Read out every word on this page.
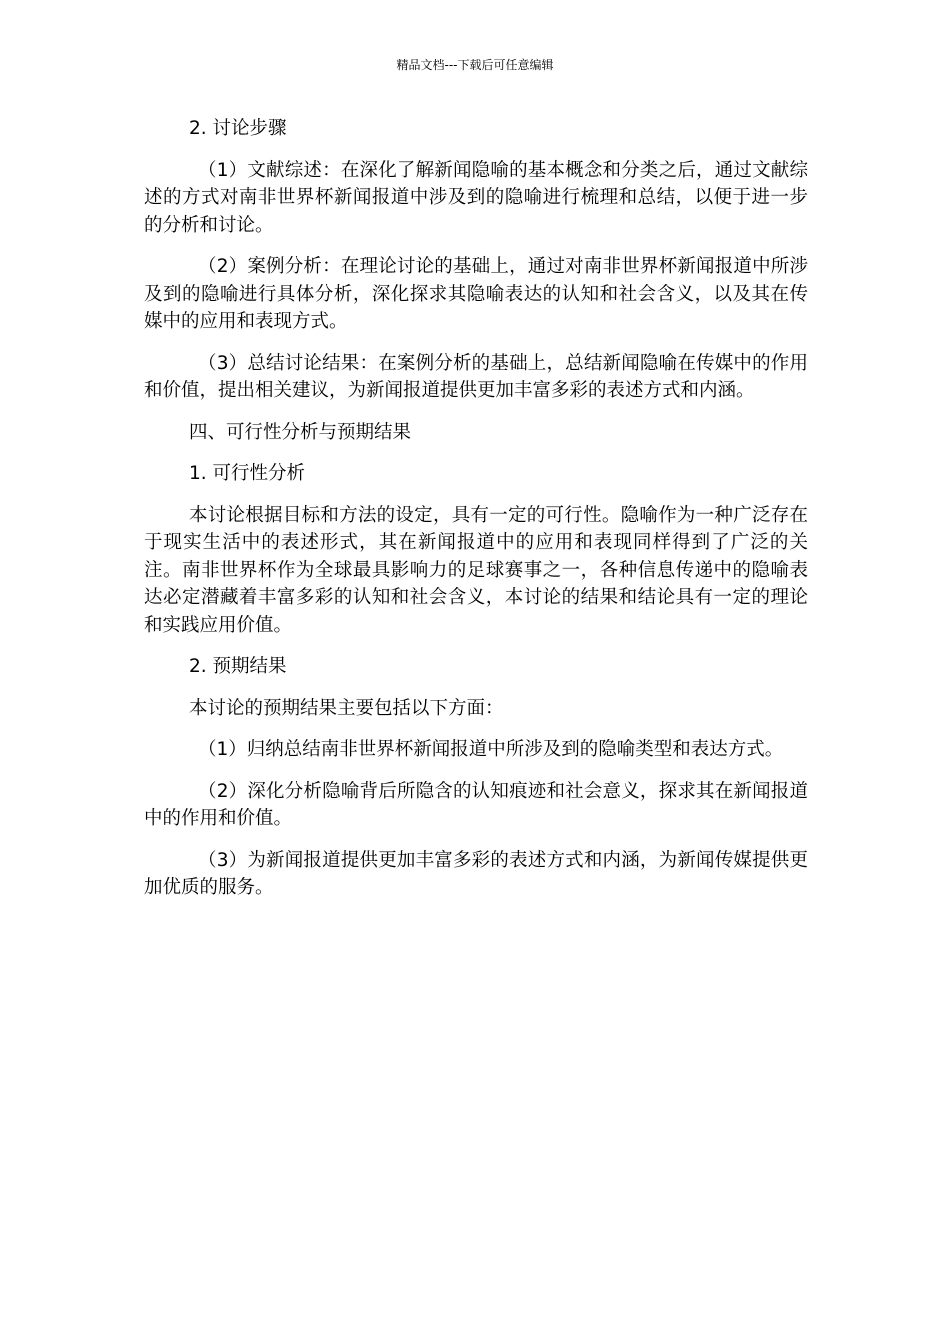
精品文档---下载后可任意编辑

2. 讨论步骤

（1）文献综述：在深化了解新闻隐喻的基本概念和分类之后，通过文献综述的方式对南非世界杯新闻报道中涉及到的隐喻进行梳理和总结，以便于进一步的分析和讨论。

（2）案例分析：在理论讨论的基础上，通过对南非世界杯新闻报道中所涉及到的隐喻进行具体分析，深化探求其隐喻表达的认知和社会含义，以及其在传媒中的应用和表现方式。

（3）总结讨论结果：在案例分析的基础上，总结新闻隐喻在传媒中的作用和价值，提出相关建议，为新闻报道提供更加丰富多彩的表述方式和内涵。

四、可行性分析与预期结果

1. 可行性分析

本讨论根据目标和方法的设定，具有一定的可行性。隐喻作为一种广泛存在于现实生活中的表述形式，其在新闻报道中的应用和表现同样得到了广泛的关注。南非世界杯作为全球最具影响力的足球赛事之一，各种信息传递中的隐喻表达必定潜藏着丰富多彩的认知和社会含义，本讨论的结果和结论具有一定的理论和实践应用价值。

2. 预期结果

本讨论的预期结果主要包括以下方面：

（1）归纳总结南非世界杯新闻报道中所涉及到的隐喻类型和表达方式。

（2）深化分析隐喻背后所隐含的认知痕迹和社会意义，探求其在新闻报道中的作用和价值。

（3）为新闻报道提供更加丰富多彩的表述方式和内涵，为新闻传媒提供更加优质的服务。
